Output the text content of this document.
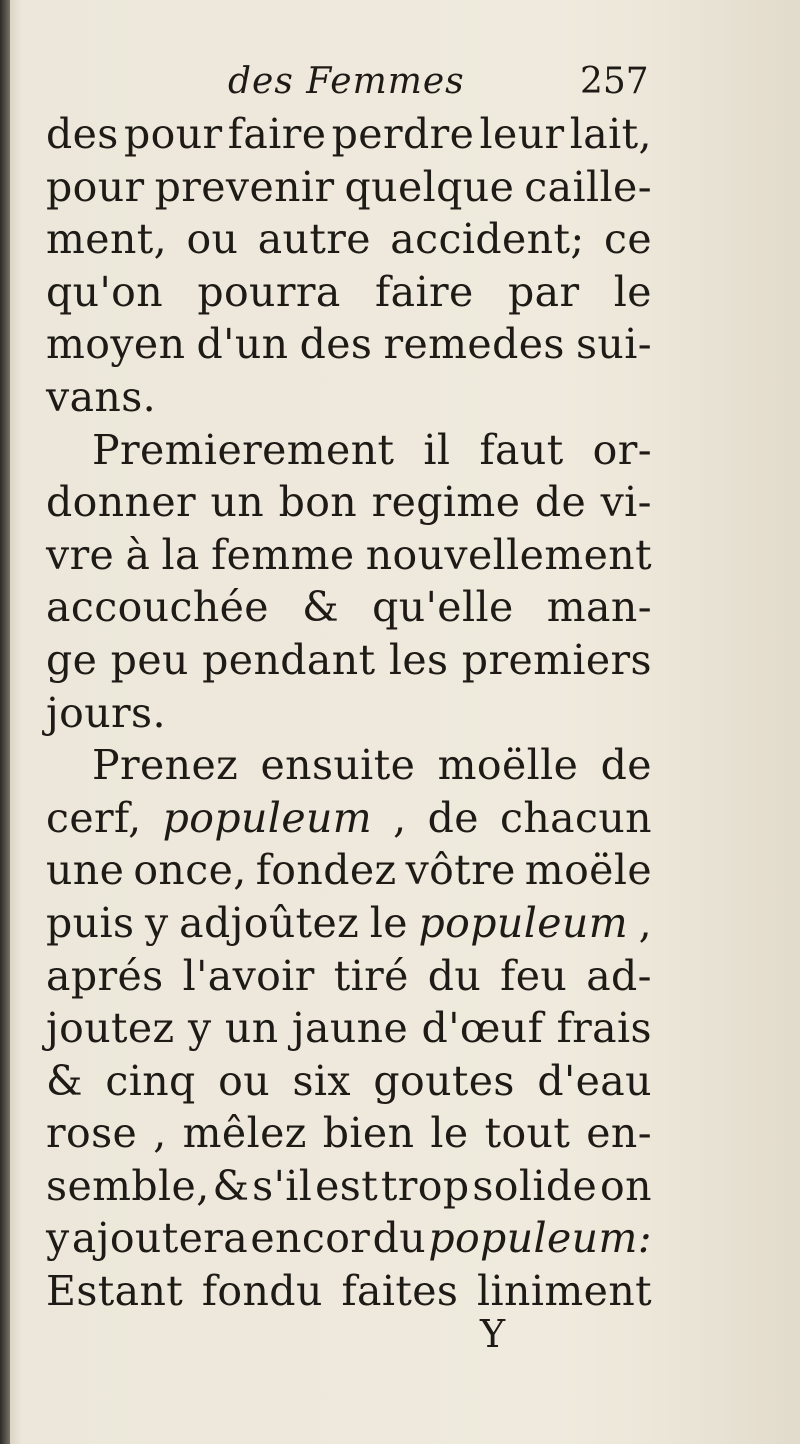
des Femmes	257
des pour faire perdre leur lait,
pour prevenir quelque caille-
ment, ou autre accident; ce
qu'on pourra faire par le
moyen d'un des remedes sui-
vans.
Premierement il faut or-
donner un bon regime de vi-
vre à la femme nouvellement
accouchée & qu'elle man-
ge peu pendant les premiers
jours.
Prenez ensuite moëlle de
cerf, populeum , de chacun
une once, fondez vôtre moële
puis y adjoûtez le populeum ,
aprés l'avoir tiré du feu ad-
joutez y un jaune d'œuf frais
& cinq ou six goutes d'eau
rose , mêlez bien le tout en-
semble, & s'il est trop solide on
y ajoutera encor du populeum:
Estant fondu faites liniment
Y
